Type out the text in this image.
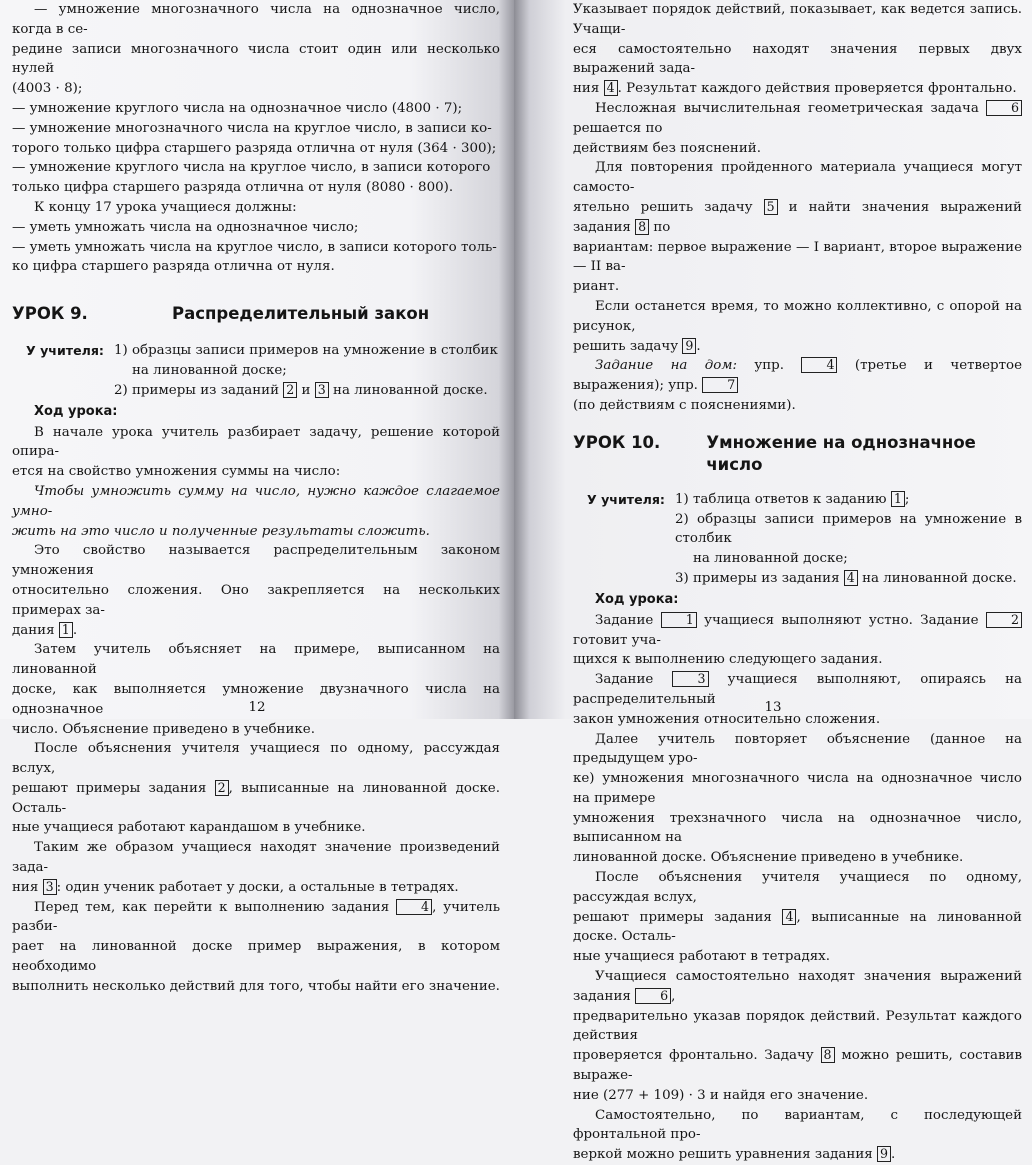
— умножение многозначного числа на однозначное число, когда в се-

редине записи многозначного числа стоит один или несколько нулей

(4003 · 8);

— умножение круглого числа на однозначное число (4800 · 7);

— умножение многозначного числа на круглое число, в записи ко-

торого только цифра старшего разряда отлична от нуля (364 · 300);

— умножение круглого числа на круглое число, в записи которого

только цифра старшего разряда отлична от нуля (8080 · 800).

К концу 17 урока учащиеся должны:

— уметь умножать числа на однозначное число;

— уметь умножать числа на круглое число, в записи которого толь-

ко цифра старшего разряда отлична от нуля.

УРОК 9.	Распределительный закон

У учителя: 1) образцы записи примеров на умножение в столбик

на линованной доске;

2) примеры из заданий 2 и 3 на линованной доске.

Ход урока:

В начале урока учитель разбирает задачу, решение которой опира-

ется на свойство умножения суммы на число:

Чтобы умножить сумму на число, нужно каждое слагаемое умно-

жить на это число и полученные результаты сложить.

Это свойство называется распределительным законом умножения

относительно сложения. Оно закрепляется на нескольких примерах за-

дания 1 .

Затем учитель объясняет на примере, выписанном на линованной

доске, как выполняется умножение двузначного числа на однозначное

число. Объяснение приведено в учебнике.

После объяснения учителя учащиеся по одному, рассуждая вслух,

решают примеры задания 2 , выписанные на линованной доске. Осталь-

ные учащиеся работают карандашом в учебнике.

Таким же образом учащиеся находят значение произведений зада-

ния 3 : один ученик работает у доски, а остальные в тетрадях.

Перед тем, как перейти к выполнению задания	4 , учитель разби-

рает на линованной доске пример выражения, в котором необходимо

выполнить несколько действий для того, чтобы найти его значение.

12

Указывает порядок действий, показывает, как ведется запись. Учащи-

еся самостоятельно находят значения первых двух выражений зада-

ния 4 . Результат каждого действия проверяется фронтально.

Несложная вычислительная геометрическая задача	6 решается по

действиям без пояснений.

Для повторения пройденного материала учащиеся могут самосто-

ятельно решить задачу 5 и найти значения выражений задания 8 по

вариантам: первое выражение — I вариант, второе выражение — II ва-

риант.

Если останется время, то можно коллективно, с опорой на рисунок,

решить задачу 9 .

Задание на дом: упр.	4 (третье и четвертое выражения); упр. 7

(по действиям с пояснениями).

УРОК 10.	Умножение на однозначное число

У учителя: 1) таблица ответов к заданию 1 ;

2) образцы записи примеров на умножение в столбик

на линованной доске;

3) примеры из задания 4 на линованной доске.

Ход урока:

Задание	1 учащиеся выполняют устно. Задание	2 готовит уча-

щихся к выполнению следующего задания.

Задание	3 учащиеся выполняют, опираясь на распределительный

закон умножения относительно сложения.

Далее учитель повторяет объяснение (данное на предыдущем уро-

ке) умножения многозначного числа на однозначное число на примере

умножения трехзначного числа на однозначное число, выписанном на

линованной доске. Объяснение приведено в учебнике.

После объяснения учителя учащиеся по одному, рассуждая вслух,

решают примеры задания 4 , выписанные на линованной доске. Осталь-

ные учащиеся работают в тетрадях.

Учащиеся самостоятельно находят значения выражений задания 6 ,

предварительно указав порядок действий. Результат каждого действия

проверяется фронтально. Задачу 8 можно решить, составив выраже-

ние (277 + 109) · 3 и найдя его значение.

Самостоятельно, по вариантам, с последующей фронтальной про-

веркой можно решить уравнения задания 9 .

13
